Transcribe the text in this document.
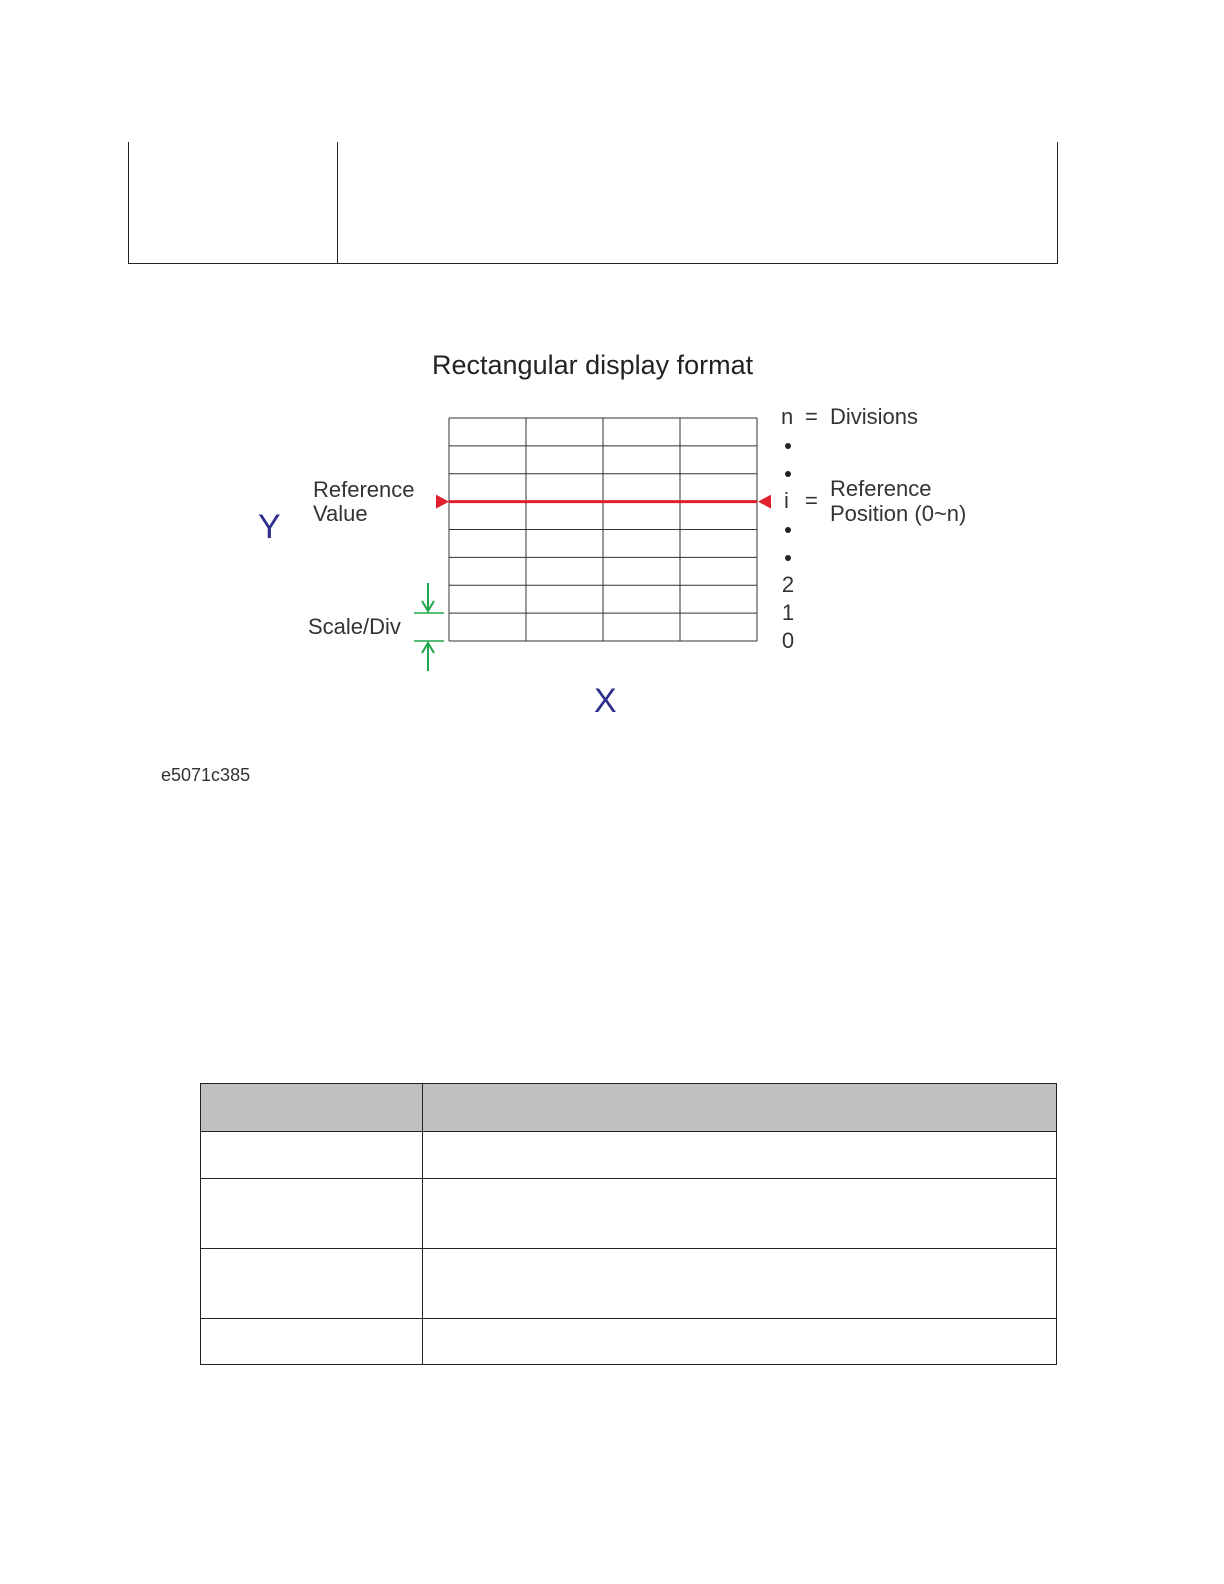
Rectangular display format
Y
X
Reference
Value
Scale/Div
n = Divisions
i = Reference
Position (0~n)
2
1
0
e5071c385
